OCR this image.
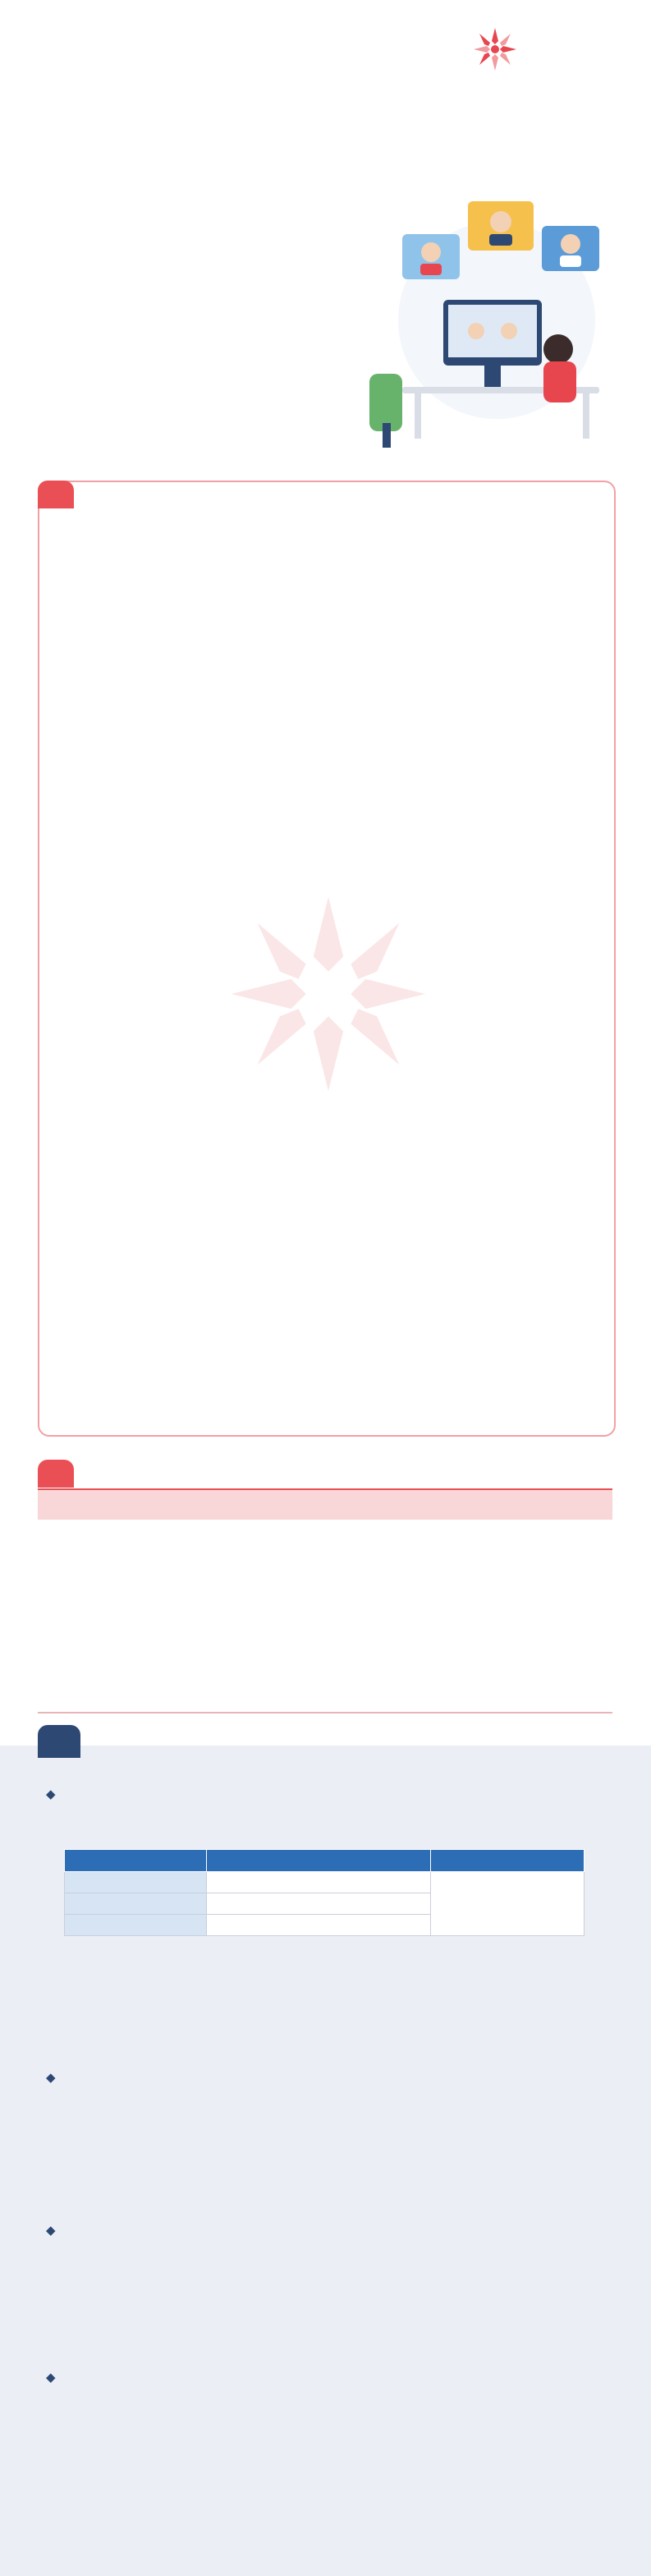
◆

◆
◆
◆
